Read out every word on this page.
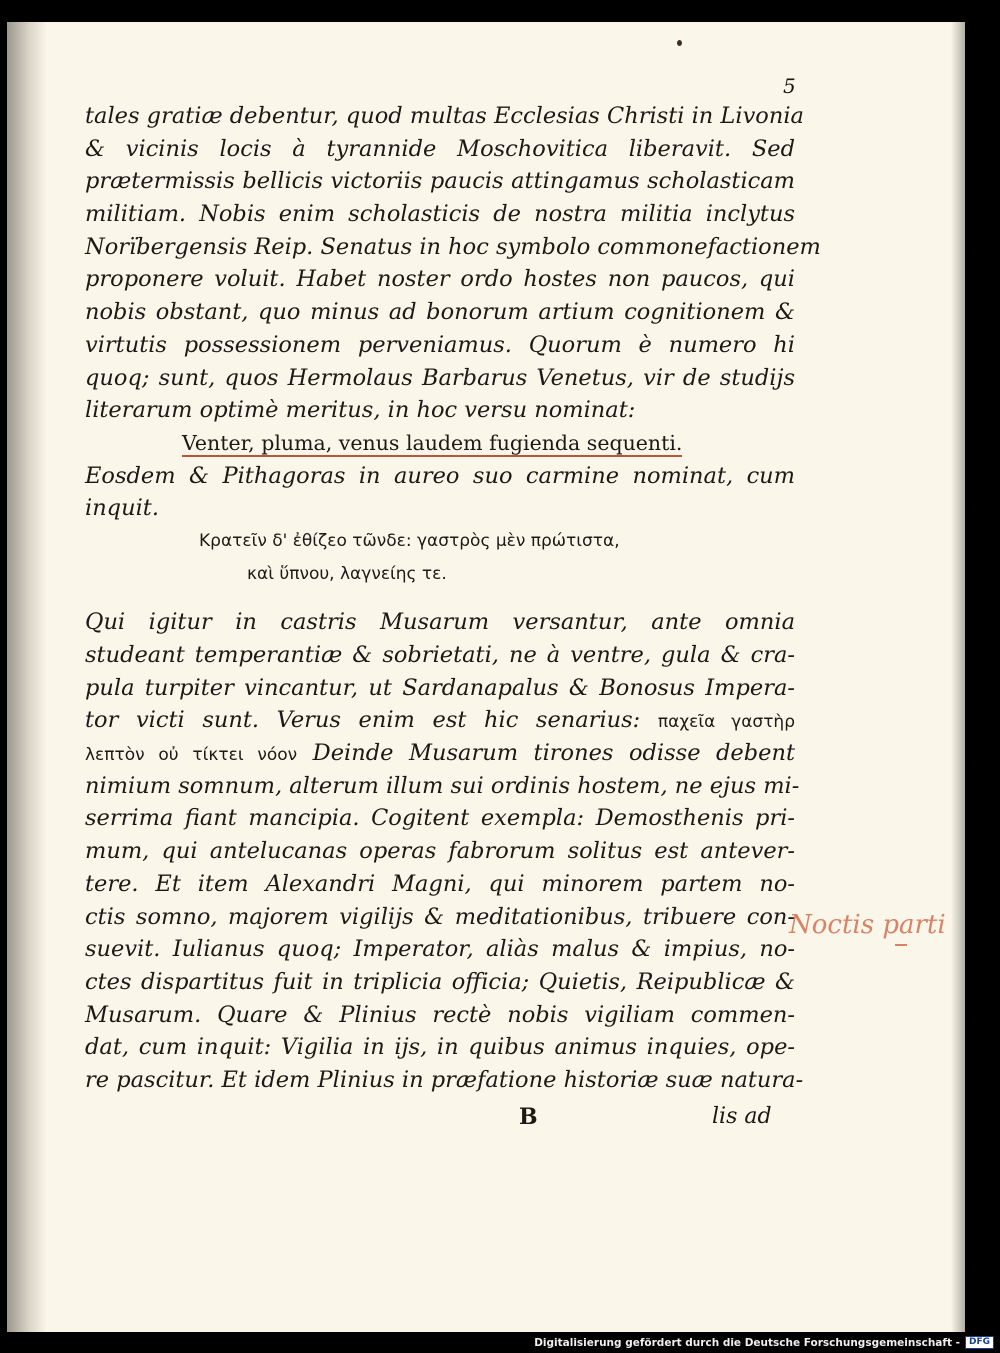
5
tales gratiæ debentur, quod multas Ecclesias Christi in Livonia
& vicinis locis à tyrannide Moschovitica liberavit. Sed
prætermissis bellicis victoriis paucis attingamus scholasticam
militiam. Nobis enim scholasticis de nostra militia inclytus
Norïbergensis Reip. Senatus in hoc symbolo commonefactionem
proponere voluit. Habet noster ordo hostes non paucos, qui
nobis obstant, quo minus ad bonorum artium cognitionem &
virtutis possessionem perveniamus. Quorum è numero hi
quoq; sunt, quos Hermolaus Barbarus Venetus, vir de studijs
literarum optimè meritus, in hoc versu nominat:
Venter, pluma, venus laudem fugienda sequenti.
Eosdem & Pithagoras in aureo suo carmine nominat, cum
inquit.
Κρατεῖν δ' ἐθίζεο τῶνδε: γαστρὸς μὲν πρώτιστα,
καὶ ὕπνου, λαγνείης τε.
Qui igitur in castris Musarum versantur, ante omnia
studeant temperantiæ & sobrietati, ne à ventre, gula & cra-
pula turpiter vincantur, ut Sardanapalus & Bonosus Impera-
tor victi sunt. Verus enim est hic senarius: παχεῖα γαστὴρ
λεπτὸν οὐ τίκτει νόον Deinde Musarum tirones odisse debent
nimium somnum, alterum illum sui ordinis hostem, ne ejus mi-
serrima fiant mancipia. Cogitent exempla: Demosthenis pri-
mum, qui antelucanas operas fabrorum solitus est antever-
tere. Et item Alexandri Magni, qui minorem partem no-
ctis somno, majorem vigilijs & meditationibus, tribuere con-
suevit. Iulianus quoq; Imperator, aliàs malus & impius, no-
ctes dispartitus fuit in triplicia officia; Quietis, Reipublicæ &
Musarum. Quare & Plinius rectè nobis vigiliam commen-
dat, cum inquit: Vigilia in ijs, in quibus animus inquies, ope-
re pascitur. Et idem Plinius in præfatione historiæ suæ natura-
B	lis ad
Noctis parti
Digitalisierung gefördert durch die Deutsche Forschungsgemeinschaft -	DFG
